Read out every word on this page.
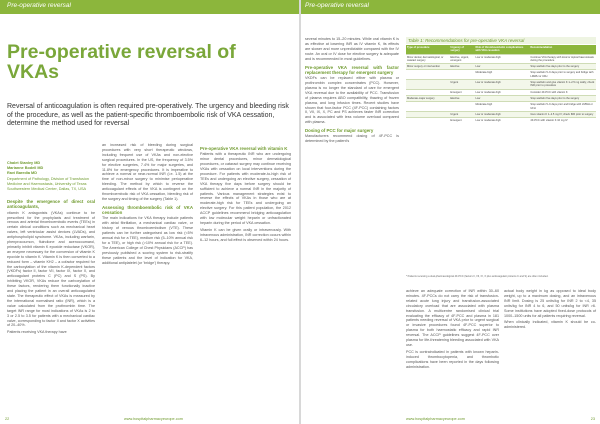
Pre-operative reversal
Pre-operative reversal of VKAs

Reversal of anticoagulation is often required pre-operatively. The urgency and bleeding risk of the procedure, as well as the patient-specific thromboembolic risk of VKA cessation, determine the method used for reversal

Chalet Stanley MD
Marianne Bodell MD
Ravi Baredia MD
Department of Pathology, Division of Transfusion Medicine and Haemostasis, University of Texas Southwestern Medical Center, Dallas, TX, USA
Despite the emergence of direct oral anticoagulants,

vitamin K antagonists (VKAs) continue to be prescribed for the prophylaxis and treatment of venous and arterial thromboembolic events (TEEs) in certain clinical conditions such as mechanical heart valves, left ventricular assist devices (LVADs), and antiphospholipid syndrome. VKAs, including warfarin, phenprocoumon, fluindione and acenocoumarol, primarily inhibit vitamin K epoxide reductase (VKOR), an enzyme necessary for the conversion of vitamin K epoxide to vitamin K. Vitamin K is then converted to a reduced form – vitamin KH2 – a cofactor required for the carboxylation of the vitamin K-dependent factors (VKDFs) factor II, factor VII, factor IX, factor X, and anticoagulant proteins C (PC) and S (PS). By inhibiting VKOR, VKAs reduce the carboxylation of these factors, rendering them functionally inactive and placing the patient in an overall anticoagulated state. The therapeutic effect of VKAs is measured by the international normalised ratio (INR), which is a value calculated from the prothrombin time. The target INR range for most indications of VKAs is 2 to 3 or 2.5 to 3.5 for patients with a mechanical cardiac valve, corresponding to factor II and factor X activities of 20–40%.

Patients receiving VKA therapy have

an increased risk of bleeding during surgical procedures with very short therapeutic windows, including frequent use of VKAs and non-elective surgical procedures. In the US, the frequency of 3.5% for elective surgeries, 7.4% for major surgeries, and 11.8% for emergency procedures. It is imperative to achieve a normal or near-normal INR (i.e. 1.5) at the time of non-minor surgery to minimise perioperative bleeding. The method by which to reverse the anticoagulant effects of the VKA is contingent on the thromboembolic risk of VKA cessation, bleeding risk of the surgery and timing of the surgery (Table 1).

Assessing thromboembolic risk of VKA cessation

The main indications for VKA therapy include patients with atrial fibrillation, a mechanical cardiac valve, or history of venous thromboembolism (VTE). These patients can be further categorised as low risk (<5% annual risk for a TEE), medium risk (5–10% annual risk for a TEE), or high risk (>10% annual risk for a TEE). The American College of Chest Physicians (ACCP) has previously published a scoring system to risk-stratify these patients and the level of indication for VKA, additional antiplatelet (or 'bridge') therapy.

Pre-operative VKA reversal with vitamin K

Patients with a therapeutic INR who are undergoing minor dental procedures, minor dermatological procedures, or cataract surgery may continue receiving VKAs with cessation on local interventions during the procedure. For patients with moderate-to-high risk of TEEs and undergoing an elective surgery, cessation of VKA therapy five days before surgery should be sufficient to achieve a normal INR in the majority of patients. Various management strategies exist to reverse the effects of VKAs in those who are at moderate-high risk for TEEs and undergoing an elective surgery. For this patient population, the 2012 ACCP guidelines recommend bridging anticoagulation with low molecular weight heparin or unfractionated heparin during the period of VKA cessation.

Vitamin K can be given orally or intravenously. With intravenous administration, INR correction occurs within 6–12 hours, and full effect is observed within 24 hours.

22	www.hospitalpharmacyeurope.com
Pre-operative reversal

several minutes to 15–20 minutes. While oral vitamin K is as effective at lowering INR as IV vitamin K, its effects are slower and more unpredictable compared with the IV route. An oral or IV dose for elective surgery is adequate and is recommended in most guidelines.

Pre-operative VKA reversal with factor replacement therapy for emergent surgery

VKDFs can be replaced either with plasma or prothrombin complex concentrates (PCC). However, plasma is no longer the standard of care for emergent VKA reversal due to the availability of PCC. Transfusion of plasma requires ABO compatibility, thawing of frozen plasma, and long infusion times. Recent studies have shown that four-factor PCC (4F-PCC) containing factors II, VII, IX, X, PC and PS achieves faster INR correction and is associated with less volume overload compared with plasma.

Dosing of PCC for major surgery

Manufacturers recommend dosing of 4F-PCC is determined by the patient's

Table 1: Recommendations for pre-operative VKA reversal
Type of procedure	Urgency of surgery	Risk of thromboembolic complications with VKA cessation	Recommendation
Minor dental, dermatological, or cataract surgery	Elective, urgent, emergent	Low or moderate-high	Continue VKA therapy with local or topical haemostasis during the procedure
Minor surgery or intervention	Elective	Low	Stop warfarin five days prior to the surgery
		Moderate-high	Stop warfarin 5–6 days prior to surgery and bridge with LMWH or UFH
	Urgent	Low or moderate-high	Stop warfarin and give vitamin K 1–2.5 mg orally; check INR prior to procedure
	Emergent	Low or moderate-high	Consider 4F-PCC with vitamin K
Moderate-major surgery	Elective	Low	Stop warfarin five days prior to the surgery
		Moderate-high	Stop warfarin 5–6 days prior and bridge with LMWH or UFH
	Urgent	Low or moderate-high	Give vitamin K 1–2.5 mg IV; check INR prior to surgery
	Emergent	Low or moderate-high	4F-PCC with vitamin K 10 mg IV
* Patients receiving a dual-pharmacological 4F-PCC (factors II, VII, IX, X plus anticoagulant proteins C and S) are often included.

achieve an adequate correction of INR within 30–60 minutes. 4F-PCCs do not carry the risk of transfusion-related acute lung injury and transfusion-associated circulatory overload that are associated with plasma transfusion. A multicentre randomised clinical trial evaluating the efficacy of 4F-PCC and plasma in 181 patients needing reversal of VKA prior to urgent surgical or invasive procedures found 4F-PCC superior to plasma for both haemostatic efficacy and rapid INR reversal. The ACCP guidelines suggest 4F-PCC over plasma for life-threatening bleeding associated with VKA use.

PCC is contraindicated in patients with known heparin-induced thrombocytopenia, and thrombotic complications have been reported in the days following administration.

actual body weight in kg as opposed to ideal body weight, up to a maximum dosing, and an intravenous INR limit. Dosing is 25 units/kg for INR 2 to <4, 35 units/kg for INR 4 to 6, and 50 units/kg for INR >6. Some institutions have adopted fixed-dose protocols of 1000–1500 units for all patients requiring reversal.

When clinically indicated, vitamin K should be co-administered.

www.hospitalpharmacyeurope.com	23
